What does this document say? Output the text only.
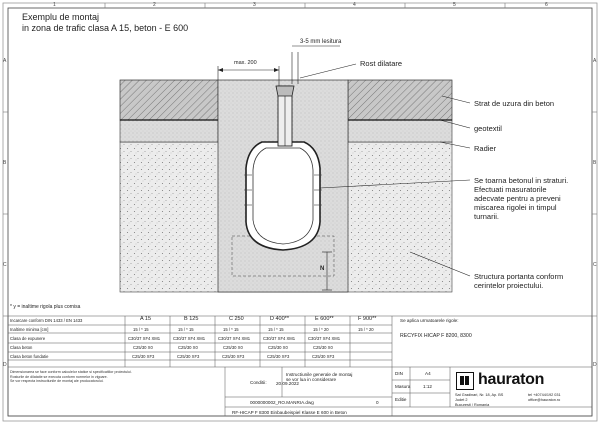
1	2	3	4	5	6
A
B
C
D
A
B
C
D
Exemplu de montaj
in zona de trafic clasa A 15, beton - E 600
max. 200
3-5 mm lesitura
N
Rost dilatare
Strat de uzura din beton
geotextil
Radier
Se toarna betonul in straturi.
Efectuati masuratorile
adecvate pentru a preveni
miscarea rigolei in timpul
turnarii.
Structura portanta conform
cerintelor proiectului.
* y = inaltime rigola plus cornisa
Incarcare conform DIN 1433 / EN 1433	A 15	B 125	C 250	D 400**	E 600**	F 900**	Se aplica urmatoarele rigole:
RECYFIX HICAP F 8200, 8300
Inaltime minima [cm]	15 / * 15	15 / * 15	15 / * 15	15 / * 15	15 / * 20	15 / * 20
Clasa de expunere	C30/37 XF4 XM1	C30/37 XF4 XM1	C30/37 XF4 XM1	C30/37 XF4 XM1	C30/37 XF4 XM1
Clasa beton	C25/30 X0	C25/30 X0	C25/30 X0	C25/30 X0	C25/30 X0
Clasa beton fundatie	C25/30 XF3	C25/30 XF3	C25/30 XF3	C25/30 XF3	C25/30 XF3
Dimensionarea se face conform calculelor statice si specificatiilor proiectului.
Rosturile de dilatatie se executa conform normelor in vigoare.
Se vor respecta instructiunile de montaj ale producatorului.	Conditii:
0000000002_RO.MANRIA.dwg
RF-HICAP F 8300 Einbaubeispiel Klasse E 600 in Beton
20.09.2022
Instructiunile generale de montaj
se vor lua in considerare
0
DIN	A4
Masura	1:12
Editie
hauraton
Sat Gradinari, Nr. 18, Ap. BS
Judet 2
Bucuresti / Romania
tel +40744/192 031
office@hauraton.ro
